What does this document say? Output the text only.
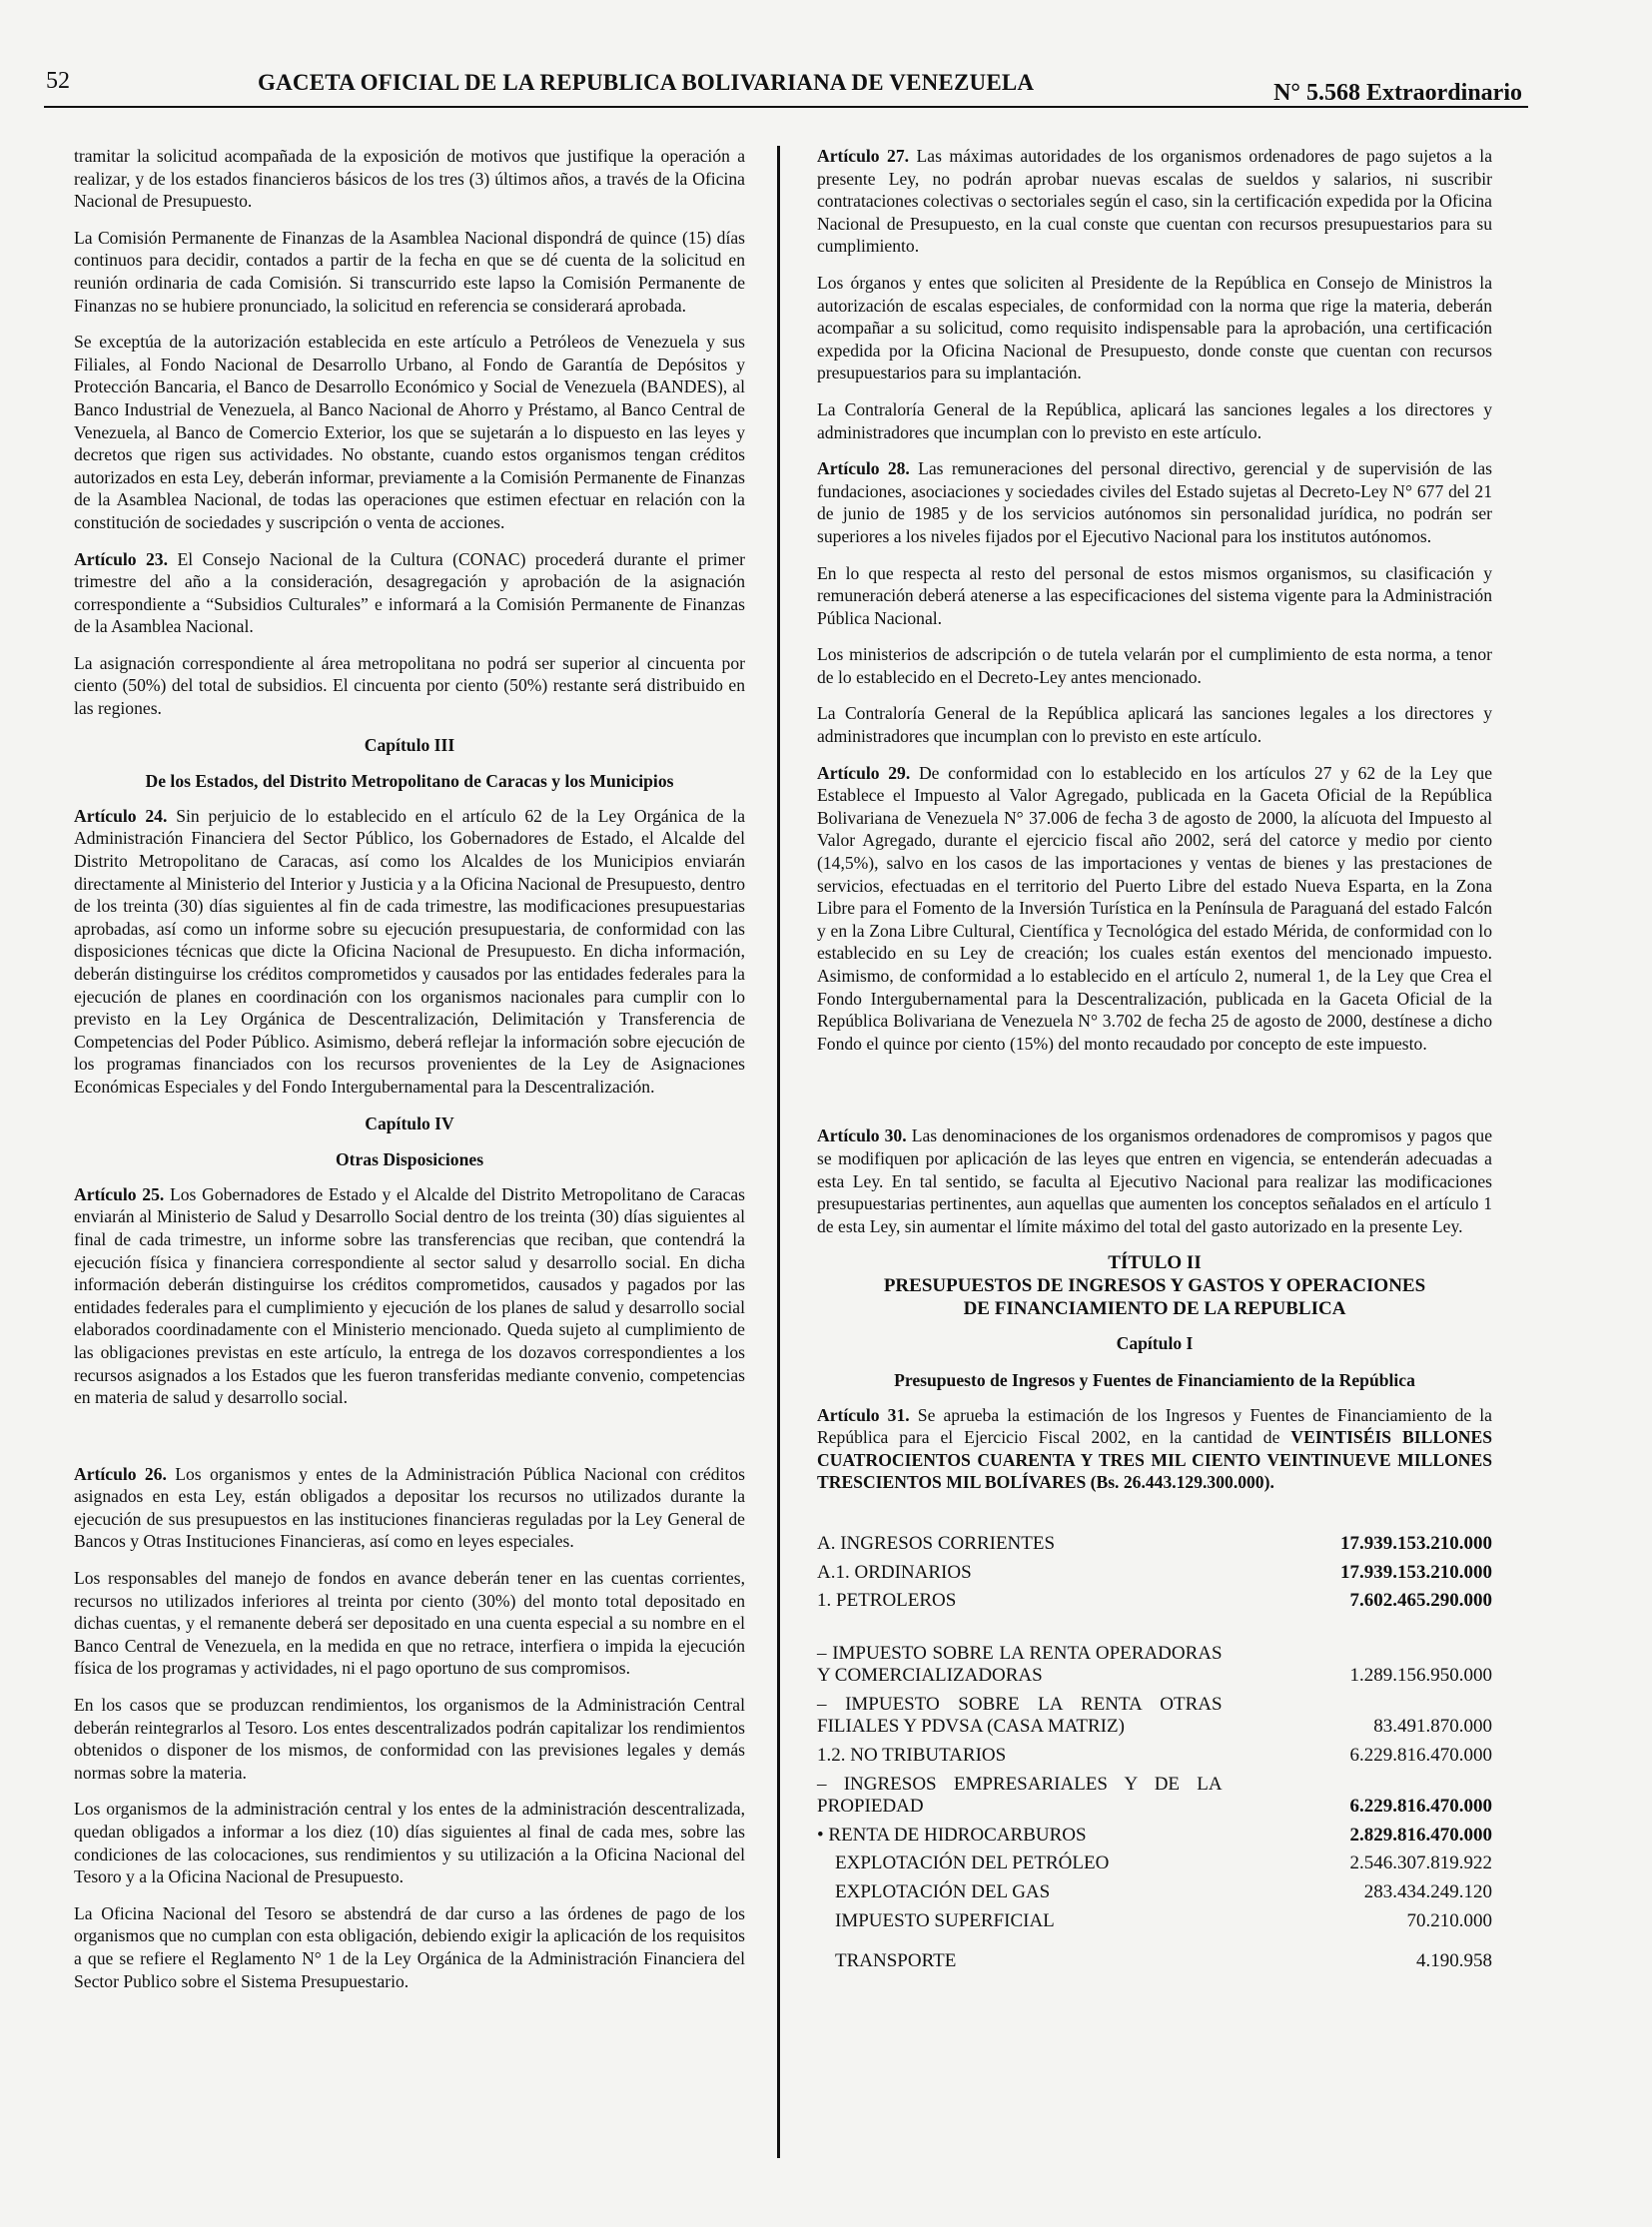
52	GACETA OFICIAL DE LA REPUBLICA BOLIVARIANA DE VENEZUELA	N° 5.568 Extraordinario

tramitar la solicitud acompañada de la exposición de motivos que justifique la operación a realizar, y de los estados financieros básicos de los tres (3) últimos años, a través de la Oficina Nacional de Presupuesto.

La Comisión Permanente de Finanzas de la Asamblea Nacional dispondrá de quince (15) días continuos para decidir, contados a partir de la fecha en que se dé cuenta de la solicitud en reunión ordinaria de cada Comisión. Si transcurrido este lapso la Comisión Permanente de Finanzas no se hubiere pronunciado, la solicitud en referencia se considerará aprobada.

Se exceptúa de la autorización establecida en este artículo a Petróleos de Venezuela y sus Filiales, al Fondo Nacional de Desarrollo Urbano, al Fondo de Garantía de Depósitos y Protección Bancaria, el Banco de Desarrollo Económico y Social de Venezuela (BANDES), al Banco Industrial de Venezuela, al Banco Nacional de Ahorro y Préstamo, al Banco Central de Venezuela, al Banco de Comercio Exterior, los que se sujetarán a lo dispuesto en las leyes y decretos que rigen sus actividades. No obstante, cuando estos organismos tengan créditos autorizados en esta Ley, deberán informar, previamente a la Comisión Permanente de Finanzas de la Asamblea Nacional, de todas las operaciones que estimen efectuar en relación con la constitución de sociedades y suscripción o venta de acciones.

Artículo 23. El Consejo Nacional de la Cultura (CONAC) procederá durante el primer trimestre del año a la consideración, desagregación y aprobación de la asignación correspondiente a “Subsidios Culturales” e informará a la Comisión Permanente de Finanzas de la Asamblea Nacional.

La asignación correspondiente al área metropolitana no podrá ser superior al cincuenta por ciento (50%) del total de subsidios. El cincuenta por ciento (50%) restante será distribuido en las regiones.

Capítulo III

De los Estados, del Distrito Metropolitano de Caracas y los Municipios

Artículo 24. Sin perjuicio de lo establecido en el artículo 62 de la Ley Orgánica de la Administración Financiera del Sector Público, los Gobernadores de Estado, el Alcalde del Distrito Metropolitano de Caracas, así como los Alcaldes de los Municipios enviarán directamente al Ministerio del Interior y Justicia y a la Oficina Nacional de Presupuesto, dentro de los treinta (30) días siguientes al fin de cada trimestre, las modificaciones presupuestarias aprobadas, así como un informe sobre su ejecución presupuestaria, de conformidad con las disposiciones técnicas que dicte la Oficina Nacional de Presupuesto. En dicha información, deberán distinguirse los créditos comprometidos y causados por las entidades federales para la ejecución de planes en coordinación con los organismos nacionales para cumplir con lo previsto en la Ley Orgánica de Descentralización, Delimitación y Transferencia de Competencias del Poder Público. Asimismo, deberá reflejar la información sobre ejecución de los programas financiados con los recursos provenientes de la Ley de Asignaciones Económicas Especiales y del Fondo Intergubernamental para la Descentralización.

Capítulo IV

Otras Disposiciones

Artículo 25. Los Gobernadores de Estado y el Alcalde del Distrito Metropolitano de Caracas enviarán al Ministerio de Salud y Desarrollo Social dentro de los treinta (30) días siguientes al final de cada trimestre, un informe sobre las transferencias que reciban, que contendrá la ejecución física y financiera correspondiente al sector salud y desarrollo social. En dicha información deberán distinguirse los créditos comprometidos, causados y pagados por las entidades federales para el cumplimiento y ejecución de los planes de salud y desarrollo social elaborados coordinadamente con el Ministerio mencionado. Queda sujeto al cumplimiento de las obligaciones previstas en este artículo, la entrega de los dozavos correspondientes a los recursos asignados a los Estados que les fueron transferidas mediante convenio, competencias en materia de salud y desarrollo social.

Artículo 26. Los organismos y entes de la Administración Pública Nacional con créditos asignados en esta Ley, están obligados a depositar los recursos no utilizados durante la ejecución de sus presupuestos en las instituciones financieras reguladas por la Ley General de Bancos y Otras Instituciones Financieras, así como en leyes especiales.

Los responsables del manejo de fondos en avance deberán tener en las cuentas corrientes, recursos no utilizados inferiores al treinta por ciento (30%) del monto total depositado en dichas cuentas, y el remanente deberá ser depositado en una cuenta especial a su nombre en el Banco Central de Venezuela, en la medida en que no retrace, interfiera o impida la ejecución física de los programas y actividades, ni el pago oportuno de sus compromisos.

En los casos que se produzcan rendimientos, los organismos de la Administración Central deberán reintegrarlos al Tesoro. Los entes descentralizados podrán capitalizar los rendimientos obtenidos o disponer de los mismos, de conformidad con las previsiones legales y demás normas sobre la materia.

Los organismos de la administración central y los entes de la administración descentralizada, quedan obligados a informar a los diez (10) días siguientes al final de cada mes, sobre las condiciones de las colocaciones, sus rendimientos y su utilización a la Oficina Nacional del Tesoro y a la Oficina Nacional de Presupuesto.

La Oficina Nacional del Tesoro se abstendrá de dar curso a las órdenes de pago de los organismos que no cumplan con esta obligación, debiendo exigir la aplicación de los requisitos a que se refiere el Reglamento N° 1 de la Ley Orgánica de la Administración Financiera del Sector Publico sobre el Sistema Presupuestario.

Artículo 27. Las máximas autoridades de los organismos ordenadores de pago sujetos a la presente Ley, no podrán aprobar nuevas escalas de sueldos y salarios, ni suscribir contrataciones colectivas o sectoriales según el caso, sin la certificación expedida por la Oficina Nacional de Presupuesto, en la cual conste que cuentan con recursos presupuestarios para su cumplimiento.

Los órganos y entes que soliciten al Presidente de la República en Consejo de Ministros la autorización de escalas especiales, de conformidad con la norma que rige la materia, deberán acompañar a su solicitud, como requisito indispensable para la aprobación, una certificación expedida por la Oficina Nacional de Presupuesto, donde conste que cuentan con recursos presupuestarios para su implantación.

La Contraloría General de la República, aplicará las sanciones legales a los directores y administradores que incumplan con lo previsto en este artículo.

Artículo 28. Las remuneraciones del personal directivo, gerencial y de supervisión de las fundaciones, asociaciones y sociedades civiles del Estado sujetas al Decreto-Ley N° 677 del 21 de junio de 1985 y de los servicios autónomos sin personalidad jurídica, no podrán ser superiores a los niveles fijados por el Ejecutivo Nacional para los institutos autónomos.

En lo que respecta al resto del personal de estos mismos organismos, su clasificación y remuneración deberá atenerse a las especificaciones del sistema vigente para la Administración Pública Nacional.

Los ministerios de adscripción o de tutela velarán por el cumplimiento de esta norma, a tenor de lo establecido en el Decreto-Ley antes mencionado.

La Contraloría General de la República aplicará las sanciones legales a los directores y administradores que incumplan con lo previsto en este artículo.

Artículo 29. De conformidad con lo establecido en los artículos 27 y 62 de la Ley que Establece el Impuesto al Valor Agregado, publicada en la Gaceta Oficial de la República Bolivariana de Venezuela N° 37.006 de fecha 3 de agosto de 2000, la alícuota del Impuesto al Valor Agregado, durante el ejercicio fiscal año 2002, será del catorce y medio por ciento (14,5%), salvo en los casos de las importaciones y ventas de bienes y las prestaciones de servicios, efectuadas en el territorio del Puerto Libre del estado Nueva Esparta, en la Zona Libre para el Fomento de la Inversión Turística en la Península de Paraguaná del estado Falcón y en la Zona Libre Cultural, Científica y Tecnológica del estado Mérida, de conformidad con lo establecido en su Ley de creación; los cuales están exentos del mencionado impuesto. Asimismo, de conformidad a lo establecido en el artículo 2, numeral 1, de la Ley que Crea el Fondo Intergubernamental para la Descentralización, publicada en la Gaceta Oficial de la República Bolivariana de Venezuela N° 3.702 de fecha 25 de agosto de 2000, destínese a dicho Fondo el quince por ciento (15%) del monto recaudado por concepto de este impuesto.

Artículo 30. Las denominaciones de los organismos ordenadores de compromisos y pagos que se modifiquen por aplicación de las leyes que entren en vigencia, se entenderán adecuadas a esta Ley. En tal sentido, se faculta al Ejecutivo Nacional para realizar las modificaciones presupuestarias pertinentes, aun aquellas que aumenten los conceptos señalados en el artículo 1 de esta Ley, sin aumentar el límite máximo del total del gasto autorizado en la presente Ley.

TÍTULO II
PRESUPUESTOS DE INGRESOS Y GASTOS Y OPERACIONES
DE FINANCIAMIENTO DE LA REPUBLICA

Capítulo I

Presupuesto de Ingresos y Fuentes de Financiamiento de la República

Artículo 31. Se aprueba la estimación de los Ingresos y Fuentes de Financiamiento de la República para el Ejercicio Fiscal 2002, en la cantidad de VEINTISÉIS BILLONES CUATROCIENTOS CUARENTA Y TRES MIL CIENTO VEINTINUEVE MILLONES TRESCIENTOS MIL BOLÍVARES (Bs. 26.443.129.300.000).

A. INGRESOS CORRIENTES	17.939.153.210.000
A.1. ORDINARIOS	17.939.153.210.000
1. PETROLEROS	7.602.465.290.000

– IMPUESTO SOBRE LA RENTA OPERADORAS Y COMERCIALIZADORAS	1.289.156.950.000
– IMPUESTO SOBRE LA RENTA OTRAS FILIALES Y PDVSA (CASA MATRIZ)	83.491.870.000
1.2. NO TRIBUTARIOS	6.229.816.470.000
– INGRESOS EMPRESARIALES Y DE LA PROPIEDAD	6.229.816.470.000
• RENTA DE HIDROCARBUROS	2.829.816.470.000
EXPLOTACIÓN DEL PETRÓLEO	2.546.307.819.922
EXPLOTACIÓN DEL GAS	283.434.249.120
IMPUESTO SUPERFICIAL	70.210.000

TRANSPORTE	4.190.958
